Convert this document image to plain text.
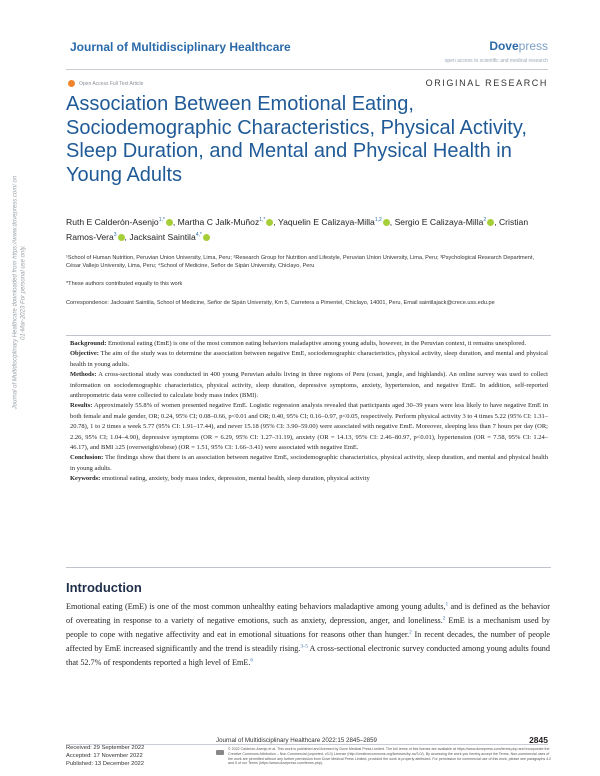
Journal of Multidisciplinary Healthcare	Dovepress
open access to scientific and medical research
Open Access Full Text Article	ORIGINAL RESEARCH
Association Between Emotional Eating, Sociodemographic Characteristics, Physical Activity, Sleep Duration, and Mental and Physical Health in Young Adults
Ruth E Calderón-Asenjo$^{1,*}$ , Martha C Jalk-Muñoz$^{1,*}$ , Yaquelin E Calizaya-Milla$^{1,2}$ , Sergio E Calizaya-Milla$^2$ , Cristian Ramos-Vera$^3$ , Jacksaint Saintila$^{4,*}$
¹School of Human Nutrition, Peruvian Union University, Lima, Peru; ²Research Group for Nutrition and Lifestyle, Peruvian Union University, Lima, Peru; ³Psychological Research Department, César Vallejo University, Lima, Peru; ⁴School of Medicine, Señor de Sipán University, Chiclayo, Peru
*These authors contributed equally to this work
Correspondence: Jacksaint Saintila, School of Medicine, Señor de Sipán University, Km 5, Carretera a Pimentel, Chiclayo, 14001, Peru, Email saintilajack@crece.uss.edu.pe

Background: Emotional eating (EmE) is one of the most common eating behaviors maladaptive among young adults, however, in the Peruvian context, it remains unexplored.

Objective: The aim of the study was to determine the association between negative EmE, sociodemographic characteristics, physical activity, sleep duration, and mental and physical health in young adults.

Methods: A cross-sectional study was conducted in 400 young Peruvian adults living in three regions of Peru (coast, jungle, and highlands). An online survey was used to collect information on sociodemographic characteristics, physical activity, sleep duration, depressive symptoms, anxiety, hypertension, and negative EmE. In addition, self-reported anthropometric data were collected to calculate body mass index (BMI).

Results: Approximately 55.8% of women presented negative EmE. Logistic regression analysis revealed that participants aged 30–39 years were less likely to have negative EmE in both female and male gender, OR; 0.24, 95% CI; 0.08–0.66, p<0.01 and OR; 0.40, 95% CI; 0.16–0.97, p<0.05, respectively. Perform physical activity 3 to 4 times 5.22 (95% CI: 1.31–20.78), 1 to 2 times a week 5.77 (95% CI: 1.91–17.44), and never 15.18 (95% CI: 3.90–59.00) were associated with negative EmE. Moreover, sleeping less than 7 hours per day (OR; 2.26, 95% CI; 1.04–4.90), depressive symptoms (OR = 6.29, 95% CI: 1.27–31.19), anxiety (OR = 14.13, 95% CI: 2.46–80.97, p<0.01), hypertension (OR = 7.58, 95% CI: 1.24–46.17), and BMI ≥25 (overweight/obese) (OR = 1.51, 95% CI: 1.66–3.41) were associated with negative EmE.

Conclusion: The findings show that there is an association between negative EmE, sociodemographic characteristics, physical activity, sleep duration, and mental and physical health in young adults.

Keywords: emotional eating, anxiety, body mass index, depression, mental health, sleep duration, physical activity

Introduction

Emotional eating (EmE) is one of the most common unhealthy eating behaviors maladaptive among young adults,$^1$ and is defined as the behavior of overeating in response to a variety of negative emotions, such as anxiety, depression, anger, and loneliness.$^2$ EmE is a mechanism used by people to cope with negative affectivity and eat in emotional situations for reasons other than hunger.$^2$ In recent decades, the number of people affected by EmE increased significantly and the trend is steadily rising.$^{3-5}$ A cross-sectional electronic survey conducted among young adults found that 52.7% of respondents reported a high level of EmE.$^6$

Journal of Multidisciplinary Healthcare downloaded from https://www.dovepress.com/ on 01-Mar-2023 For personal use only.
Received: 29 September 2022
Accepted: 17 November 2022
Published: 13 December 2022
Journal of Multidisciplinary Healthcare 2022:15 2845–2859	2845
© 2022 Calderón-Asenjo et al. This work is published and licensed by Dove Medical Press Limited. The full terms of this license are available at https://www.dovepress.com/terms.php and incorporate the Creative Commons Attribution – Non Commercial (unported, v3.0) License (http://creativecommons.org/licenses/by-nc/3.0/). By accessing the work you hereby accept the Terms. Non-commercial uses of the work are permitted without any further permission from Dove Medical Press Limited, provided the work is properly attributed. For permission for commercial use of this work, please see paragraphs 4.2 and 5 of our Terms (https://www.dovepress.com/terms.php).
